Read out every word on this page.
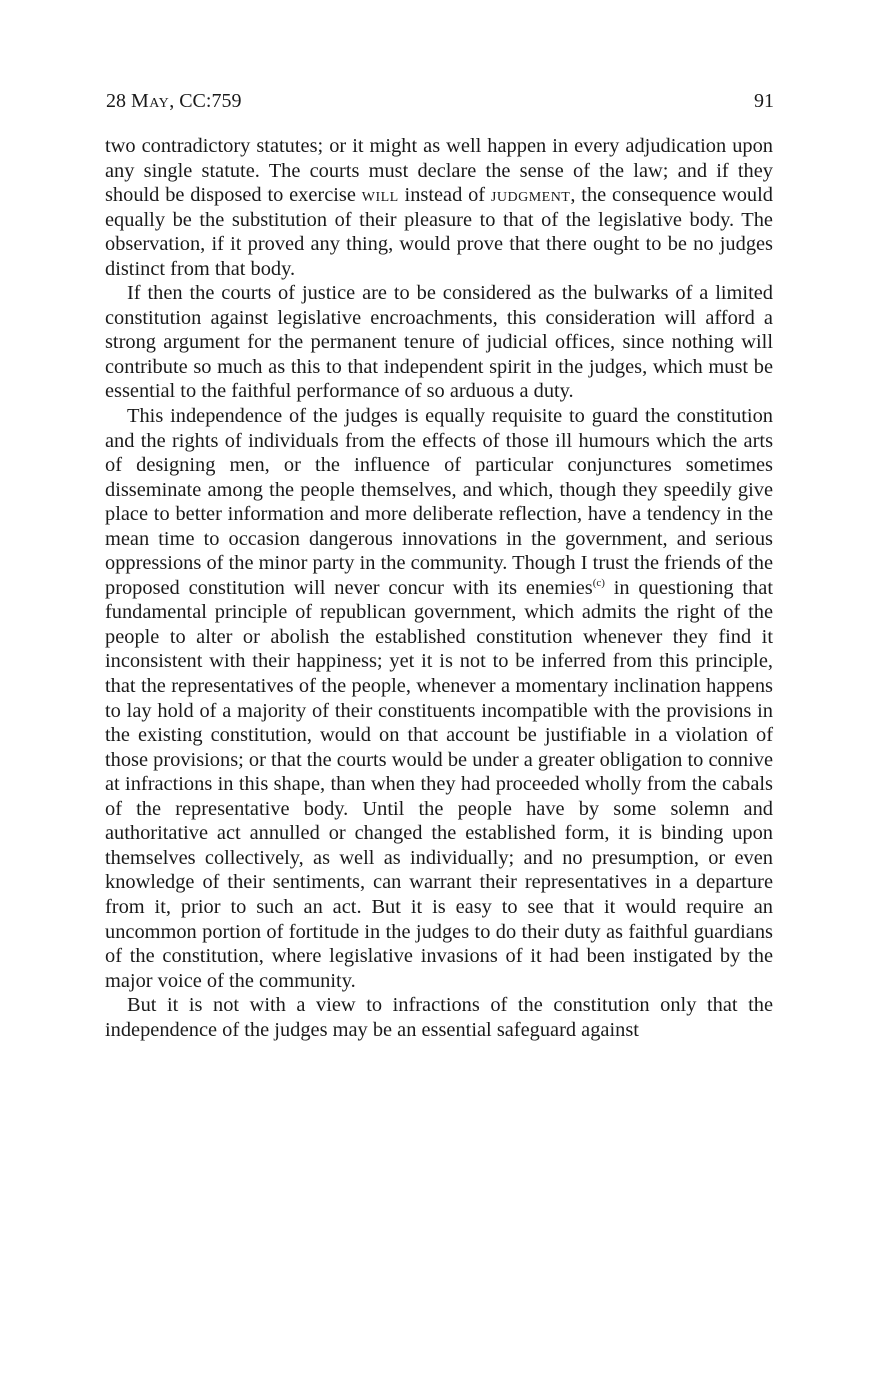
28 May, CC:759	91

two contradictory statutes; or it might as well happen in every adjudication upon any single statute. The courts must declare the sense of the law; and if they should be disposed to exercise will instead of judgment, the consequence would equally be the substitution of their pleasure to that of the legislative body. The observation, if it proved any thing, would prove that there ought to be no judges distinct from that body.

If then the courts of justice are to be considered as the bulwarks of a limited constitution against legislative encroachments, this consideration will afford a strong argument for the permanent tenure of judicial offices, since nothing will contribute so much as this to that independent spirit in the judges, which must be essential to the faithful performance of so arduous a duty.

This independence of the judges is equally requisite to guard the constitution and the rights of individuals from the effects of those ill humours which the arts of designing men, or the influence of particular conjunctures sometimes disseminate among the people themselves, and which, though they speedily give place to better information and more deliberate reflection, have a tendency in the mean time to occasion dangerous innovations in the government, and serious oppressions of the minor party in the community. Though I trust the friends of the proposed constitution will never concur with its enemies$^{(c)}$ in questioning that fundamental principle of republican government, which admits the right of the people to alter or abolish the established constitution whenever they find it inconsistent with their happiness; yet it is not to be inferred from this principle, that the representatives of the people, whenever a momentary inclination happens to lay hold of a majority of their constituents incompatible with the provisions in the existing constitution, would on that account be justifiable in a violation of those provisions; or that the courts would be under a greater obligation to connive at infractions in this shape, than when they had proceeded wholly from the cabals of the representative body. Until the people have by some solemn and authoritative act annulled or changed the established form, it is binding upon themselves collectively, as well as individually; and no presumption, or even knowledge of their sentiments, can warrant their representatives in a departure from it, prior to such an act. But it is easy to see that it would require an uncommon portion of fortitude in the judges to do their duty as faithful guardians of the constitution, where legislative invasions of it had been instigated by the major voice of the community.

But it is not with a view to infractions of the constitution only that the independence of the judges may be an essential safeguard against
